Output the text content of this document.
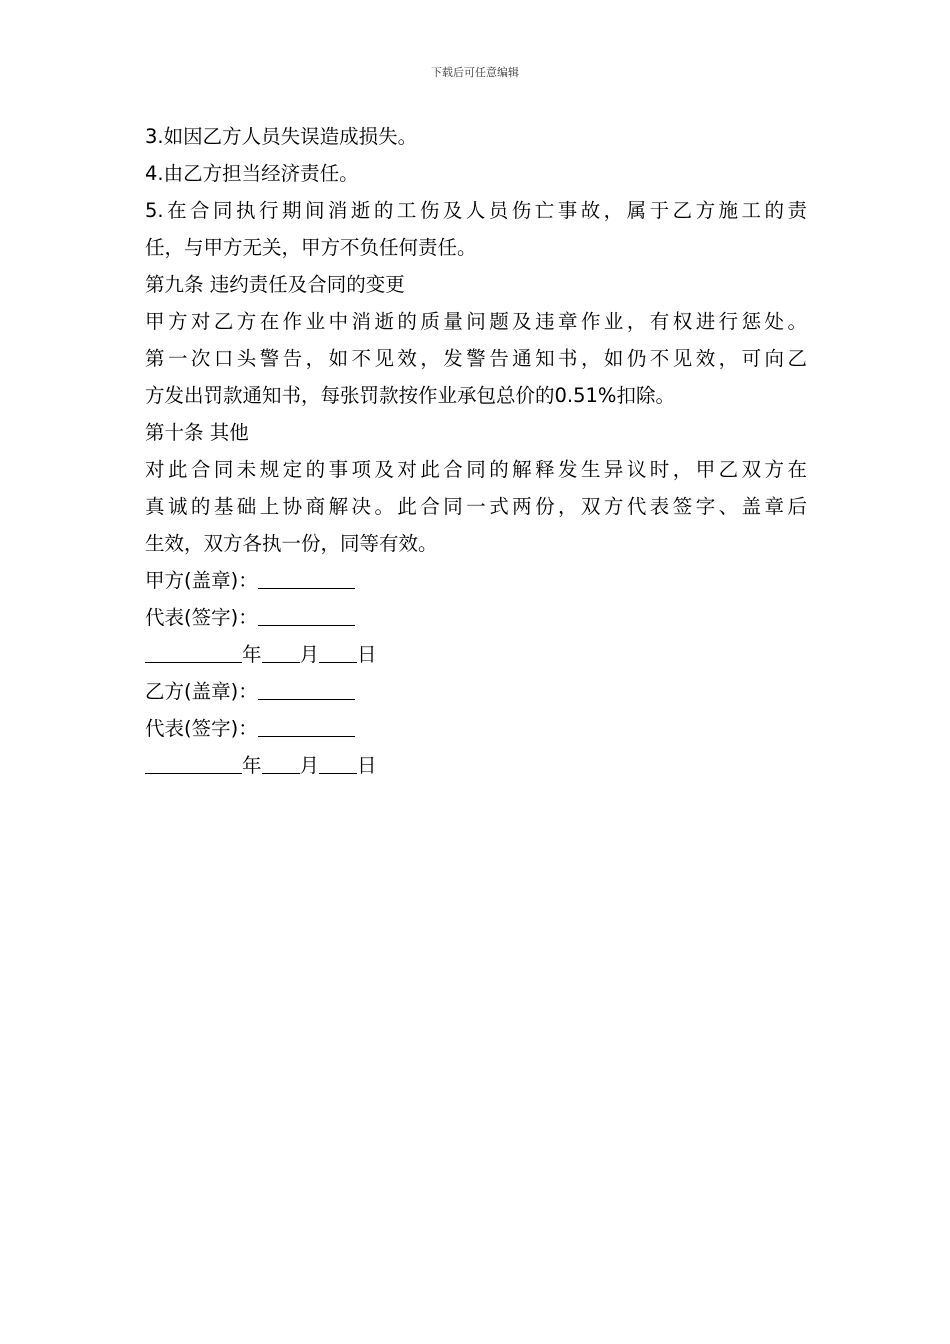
下载后可任意编辑
3.如因乙方人员失误造成损失。
4.由乙方担当经济责任。
5.在合同执行期间消逝的工伤及人员伤亡事故，属于乙方施工的责
任，与甲方无关，甲方不负任何责任。
第九条 违约责任及合同的变更
甲方对乙方在作业中消逝的质量问题及违章作业，有权进行惩处。
第一次口头警告，如不见效，发警告通知书，如仍不见效，可向乙
方发出罚款通知书，每张罚款按作业承包总价的0.51%扣除。
第十条 其他
对此合同未规定的事项及对此合同的解释发生异议时，甲乙双方在
真诚的基础上协商解决。此合同一式两份，双方代表签字、盖章后
生效，双方各执一份，同等有效。
甲方(盖章)：
代表(签字)：
年 月 日
乙方(盖章)：
代表(签字)：
年 月 日
